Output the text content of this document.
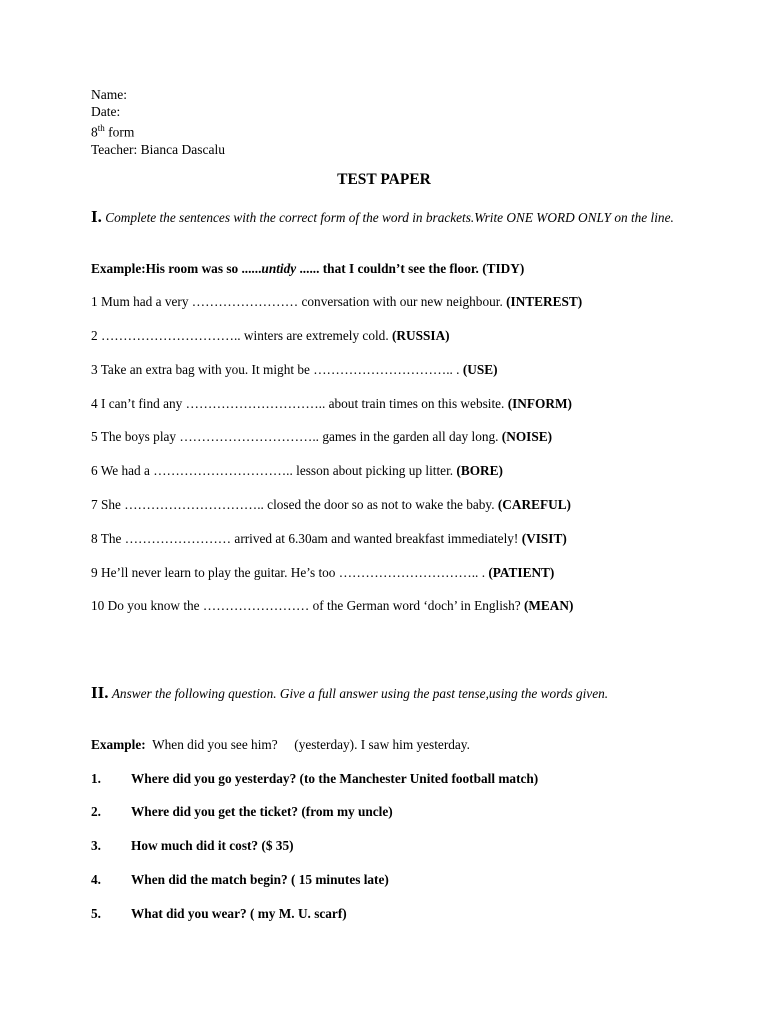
Name:
Date:
8th form
Teacher: Bianca Dascalu
TEST PAPER
I. Complete the sentences with the correct form of the word in brackets.Write ONE WORD ONLY on the line.
Example:His room was so ......untidy ...... that I couldn’t see the floor. (TIDY)
1 Mum had a very …………………… conversation with our new neighbour. (INTEREST)
2 ………………………….. winters are extremely cold. (RUSSIA)
3 Take an extra bag with you. It might be ………………………….. . (USE)
4 I can’t find any ………………………….. about train times on this website. (INFORM)
5 The boys play ………………………….. games in the garden all day long. (NOISE)
6 We had a ………………………….. lesson about picking up litter. (BORE)
7 She ………………………….. closed the door so as not to wake the baby. (CAREFUL)
8 The …………………… arrived at 6.30am and wanted breakfast immediately! (VISIT)
9 He’ll never learn to play the guitar. He’s too ………………………….. . (PATIENT)
10 Do you know the …………………… of the German word ‘doch’ in English? (MEAN)
II. Answer the following question. Give a full answer using the past tense,using the words given.
Example: When did you see him? (yesterday). I saw him yesterday.
1. Where did you go yesterday? (to the Manchester United football match)
2. Where did you get the ticket? (from my uncle)
3. How much did it cost? ($ 35)
4. When did the match begin? ( 15 minutes late)
5. What did you wear? ( my M. U. scarf)
